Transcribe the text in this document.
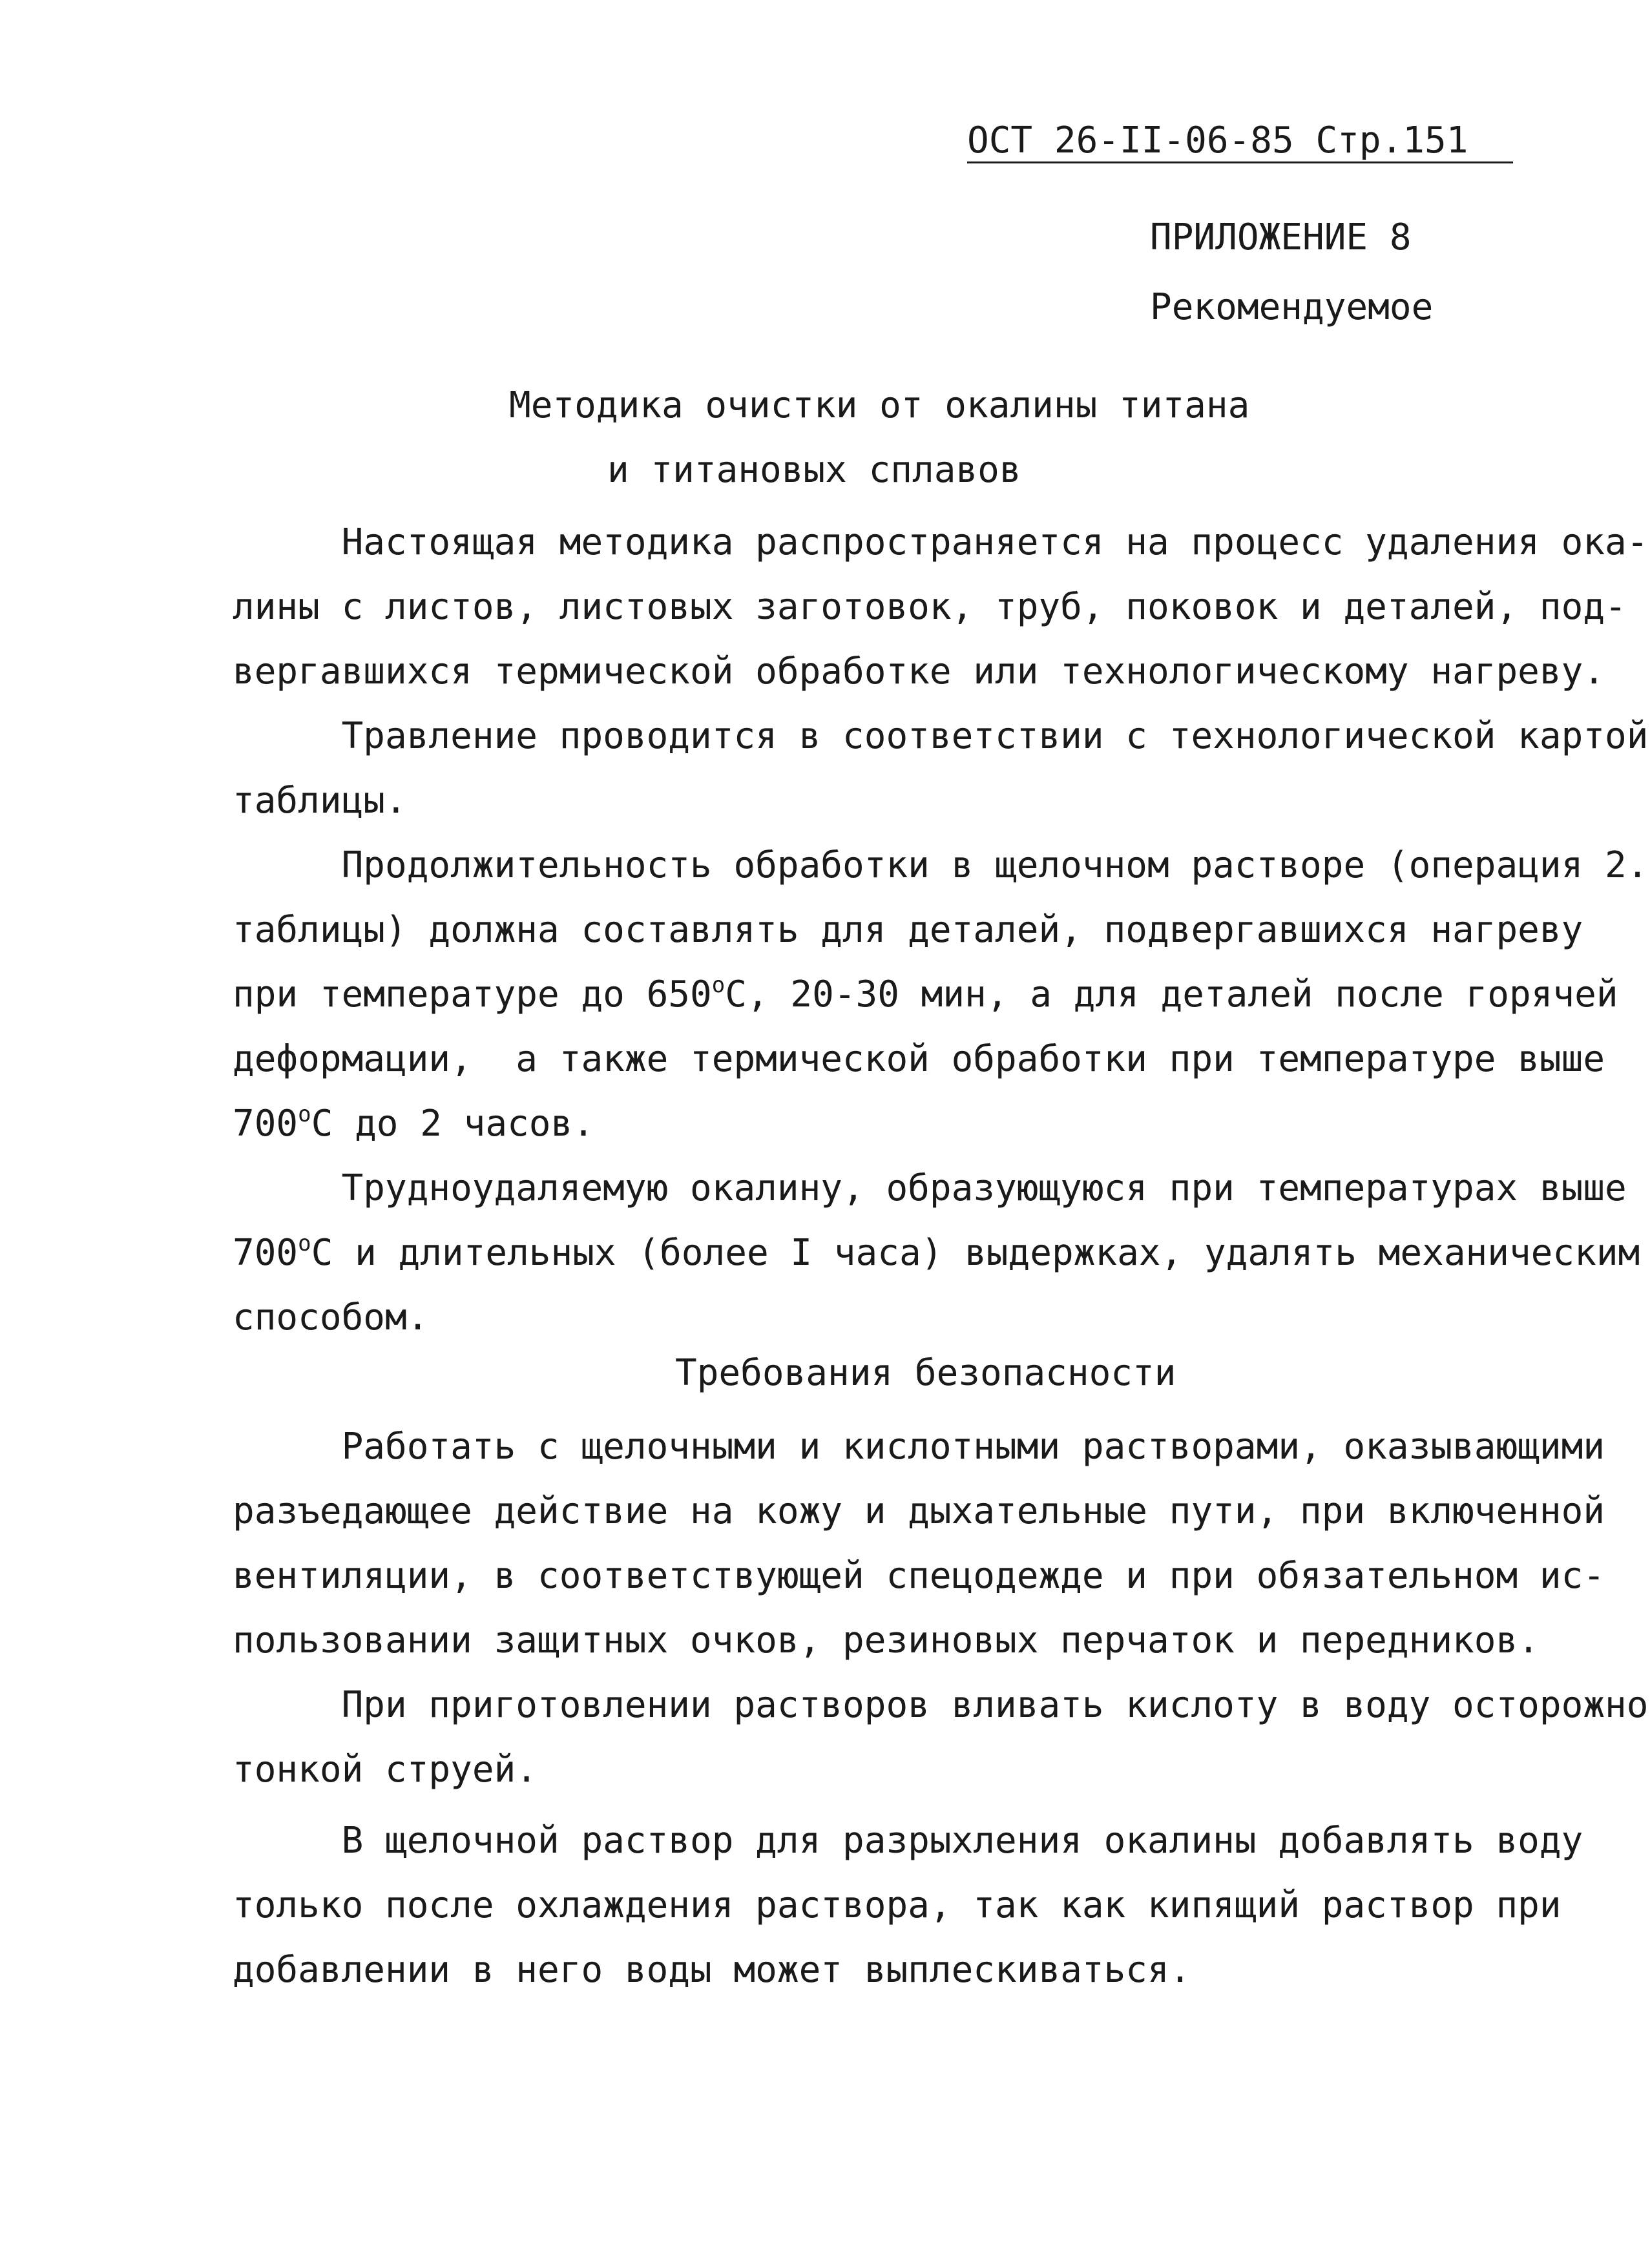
ОСТ 26-II-06-85 Стр.151
ПРИЛОЖЕНИЕ 8
Рекомендуемое
Методика очистки от окалины титана
и титановых сплавов
Настоящая методика распространяется на процесс удаления ока-
лины с листов, листовых заготовок, труб, поковок и деталей, под-
вергавшихся термической обработке или технологическому нагреву.
Травление проводится в соответствии с технологической картой
таблицы.
Продолжительность обработки в щелочном растворе (операция 2.
таблицы) должна составлять для деталей, подвергавшихся нагреву
при температуре до $650^оС$, 20-30 мин, а для деталей после горячей
деформации,  а также термической обработки при температуре выше
$700^оС$ до 2 часов.
Трудноудаляемую окалину, образующуюся при температурах выше
$700^оС$ и длительных (более I часа) выдержках, удалять механическим
способом.
Требования безопасности
Работать с щелочными и кислотными растворами, оказывающими
разъедающее действие на кожу и дыхательные пути, при включенной
вентиляции, в соответствующей спецодежде и при обязательном ис-
пользовании защитных очков, резиновых перчаток и передников.
При приготовлении растворов вливать кислоту в воду осторожно
тонкой струей.
В щелочной раствор для разрыхления окалины добавлять воду
только после охлаждения раствора, так как кипящий раствор при
добавлении в него воды может выплескиваться.
